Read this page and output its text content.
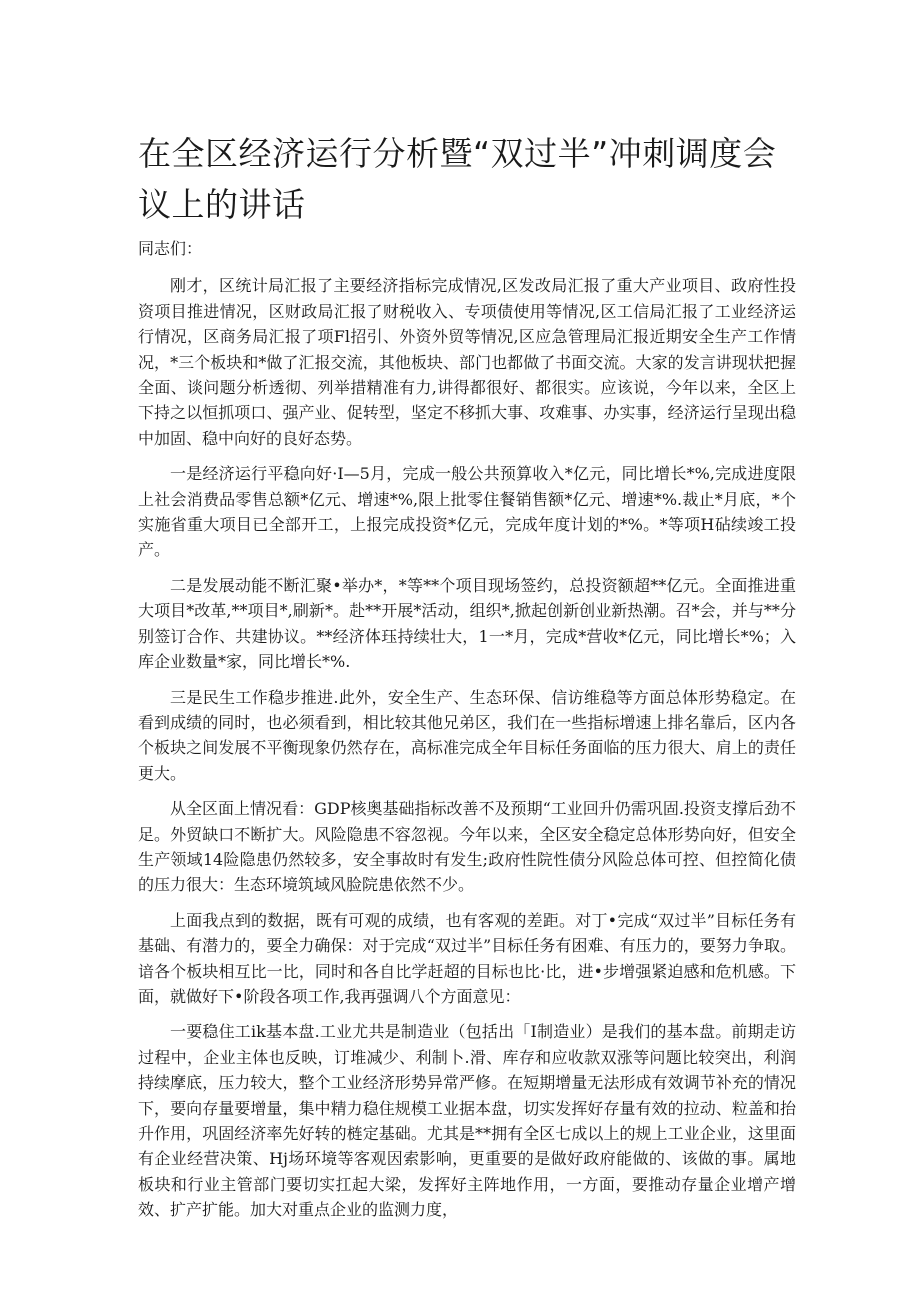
在全区经济运行分析暨“双过半”冲刺调度会议上的讲话

同志们：

刚才，区统计局汇报了主要经济指标完成情况,区发改局汇报了重大产业项目、政府性投资项目推进情况，区财政局汇报了财税收入、专项债使用等情况,区工信局汇报了工业经济运行情况，区商务局汇报了项Fl招引、外资外贸等情况,区应急管理局汇报近期安全生产工作情况，*三个板块和*做了汇报交流，其他板块、部门也都做了书面交流。大家的发言讲现状把握全面、谈问题分析透彻、列举措精准有力,讲得都很好、都很实。应该说，今年以来，全区上下持之以恒抓项口、强产业、促转型，坚定不移抓大事、攻难事、办实事，经济运行呈现出稳中加固、稳中向好的良好态势。

一是经济运行平稳向好·I—5月，完成一般公共预算收入*亿元，同比增长*%,完成进度限上社会消费品零售总额*亿元、增速*%,限上批零住餐销售额*亿元、增速*%.裁止*月底，*个实施省重大项目已全部开工，上报完成投资*亿元，完成年度计划的*%。*等项H砧续竣工投产。

二是发展动能不断汇聚•举办*，*等**个项目现场签约，总投资额超**亿元。全面推进重大项目*改革,**项目*,刷新*。赴**开展*活动，组织*,掀起创新创业新热潮。召*会，并与**分别签订合作、共建协议。**经济体珏持续壮大，1一*月，完成*营收*亿元，同比增长*%；入库企业数量*家，同比增长*%.

三是民生工作稳步推进.此外，安全生产、生态环保、信访维稳等方面总体形势稳定。在看到成绩的同时，也必须看到，相比较其他兄弟区，我们在一些指标增速上排名靠后，区内各个板块之间发展不平衡现象仍然存在，高标准完成全年目标任务面临的压力很大、肩上的责任更大。

从全区面上情况看：GDP核奥基础指标改善不及预期“工业回升仍需巩固.投资支撑后劲不足。外贸缺口不断扩大。风险隐患不容忽视。今年以来，全区安全稳定总体形势向好，但安全生产领域14险隐患仍然较多，安全事故时有发生;政府性院性债分风险总体可控、但控简化债的压力很大：生态环境筑域风脸院患依然不少。

上面我点到的数据，既有可观的成绩，也有客观的差距。对丁•完成“双过半”目标任务有基础、有潜力的，要全力确保：对于完成“双过半”目标任务有困难、有压力的，要努力争取。谙各个板块相互比一比，同时和各自比学赶超的目标也比·比，进•步增强紧迫感和危机感。下面，就做好下•阶段各项工作,我再强调八个方面意见：

一要稳住工ik基本盘.工业尤共是制造业（包括出「I制造业）是我们的基本盘。前期走访过程中，企业主体也反映，订堆减少、利制卜.滑、库存和应收款双涨等问题比较突出，利润持续摩底，压力较大，整个工业经济形势异常严修。在短期增量无法形成有效调节补充的情况下，要向存量要增量，集中精力稳住规模工业据本盘，切实发挥好存量有效的拉动、粒盖和抬升作用，巩固经济率先好转的梿定基础。尤其是**拥有全区七成以上的规上工业企业，这里面有企业经营决策、Hj场环境等客观因索影响，更重要的是做好政府能做的、该做的事。属地板块和行业主管部门要切实扛起大梁，发挥好主阵地作用，一方面，要推动存量企业增产增效、扩产扩能。加大对重点企业的监测力度，
